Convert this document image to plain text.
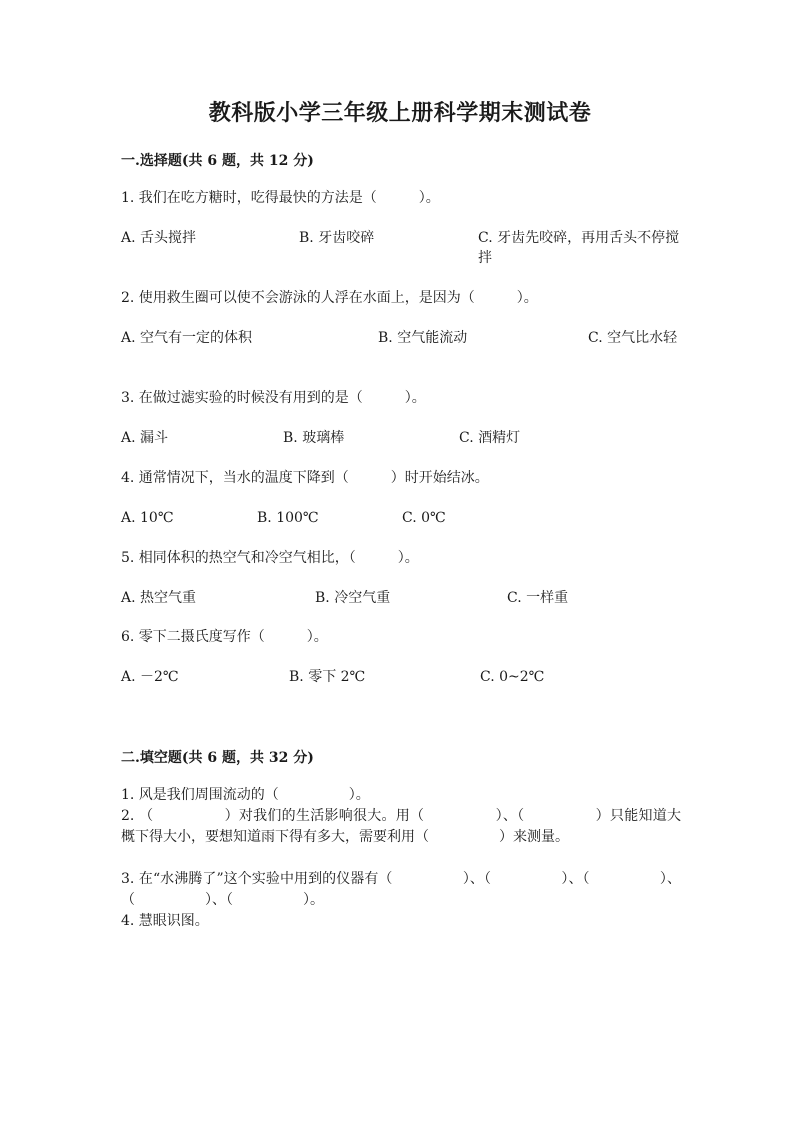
教科版小学三年级上册科学期末测试卷
一.选择题(共 6 题，共 12 分)
1. 我们在吃方糖时，吃得最快的方法是（　　　）。
A. 舌头搅拌	B. 牙齿咬碎	C. 牙齿先咬碎，再用舌头不停搅拌
2. 使用救生圈可以使不会游泳的人浮在水面上，是因为（　　　）。
A. 空气有一定的体积	B. 空气能流动	C. 空气比水轻
3. 在做过滤实验的时候没有用到的是（　　　）。
A. 漏斗	B. 玻璃棒	C. 酒精灯
4. 通常情况下，当水的温度下降到（　　　）时开始结冰。
A. 10℃	B. 100℃	C. 0℃
5. 相同体积的热空气和冷空气相比，（　　　）。
A. 热空气重	B. 冷空气重	C. 一样重
6. 零下二摄氏度写作（　　　）。
A. －2℃	B. 零下 2℃	C. 0~2℃
二.填空题(共 6 题，共 32 分)
1. 风是我们周围流动的（　　　　　）。
2. （　　　　　）对我们的生活影响很大。用（　　　　　）、（　　　　　）只能知道大概下得大小，要想知道雨下得有多大，需要利用（　　　　　）来测量。
3. 在“水沸腾了”这个实验中用到的仪器有（　　　　　）、（　　　　　）、（　　　　　）、（　　　　　）、（　　　　　）。
4. 慧眼识图。
